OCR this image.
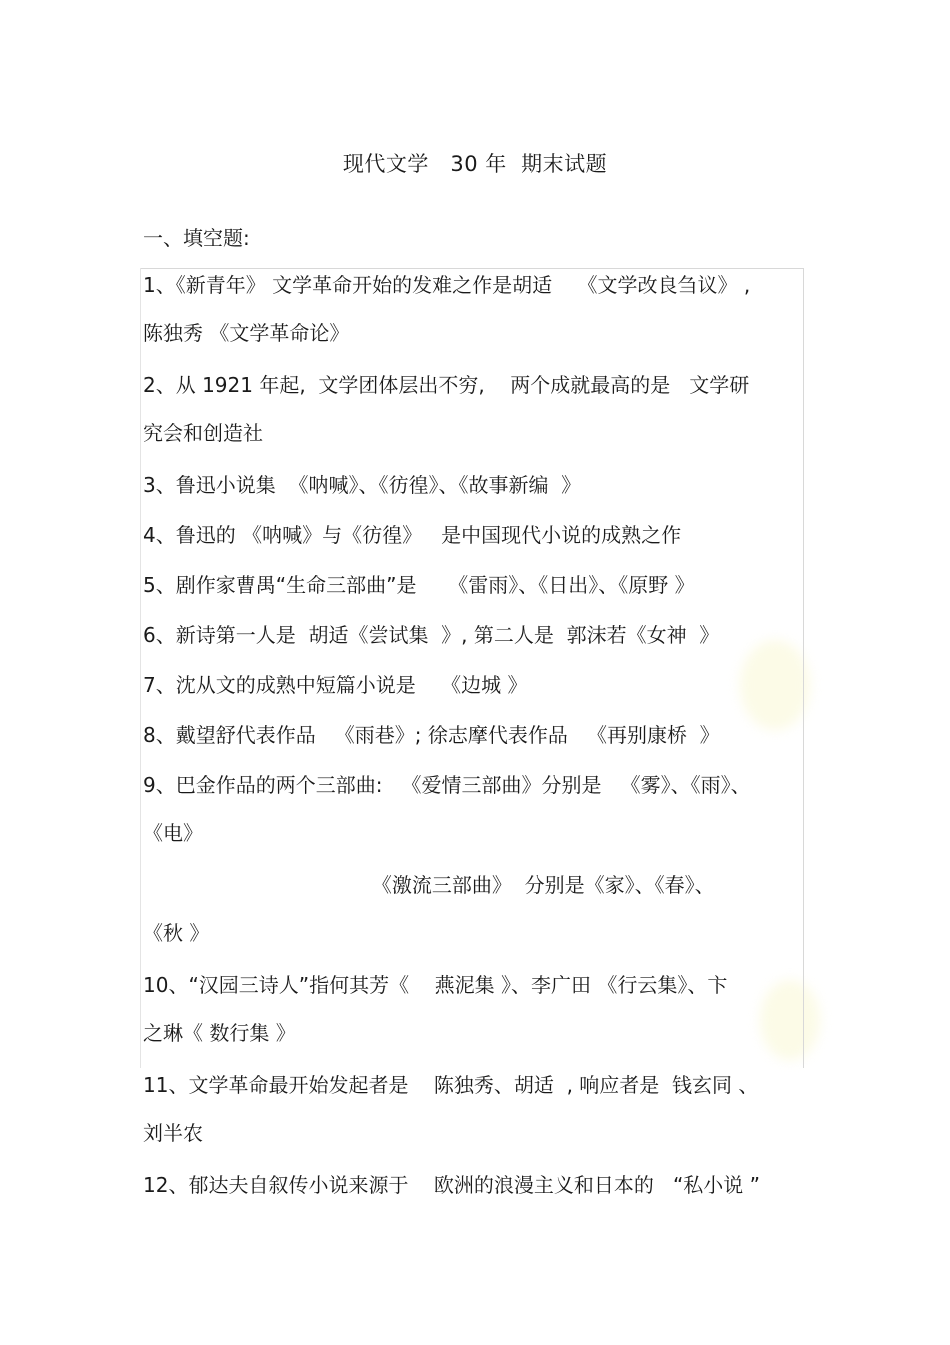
现代文学   30 年  期末试题
一、填空题:
1、《新青年》 文学革命开始的发难之作是胡适    《文学改良刍议》 ,
陈独秀 《文学革命论》
2、从 1921 年起,  文学团体层出不穷,    两个成就最高的是   文学研
究会和创造社
3、鲁迅小说集  《呐喊》、《彷徨》、《故事新编  》
4、鲁迅的 《呐喊》与《彷徨》   是中国现代小说的成熟之作
5、剧作家曹禺“生命三部曲”是     《雷雨》、《日出》、《原野 》
6、新诗第一人是  胡适《尝试集  》, 第二人是  郭沫若《女神  》
7、沈从文的成熟中短篇小说是    《边城 》
8、戴望舒代表作品   《雨巷》; 徐志摩代表作品   《再别康桥  》
9、巴金作品的两个三部曲:   《爱情三部曲》分别是   《雾》、《雨》、
《电》
《激流三部曲》  分别是《家》、《春》、
《秋 》
10、“汉园三诗人”指何其芳《    燕泥集 》、李广田 《行云集》、卞
之琳《 数行集 》
11、文学革命最开始发起者是    陈独秀、胡适  , 响应者是  钱玄同 、
刘半农
12、郁达夫自叙传小说来源于    欧洲的浪漫主义和日本的   “私小说 ”
